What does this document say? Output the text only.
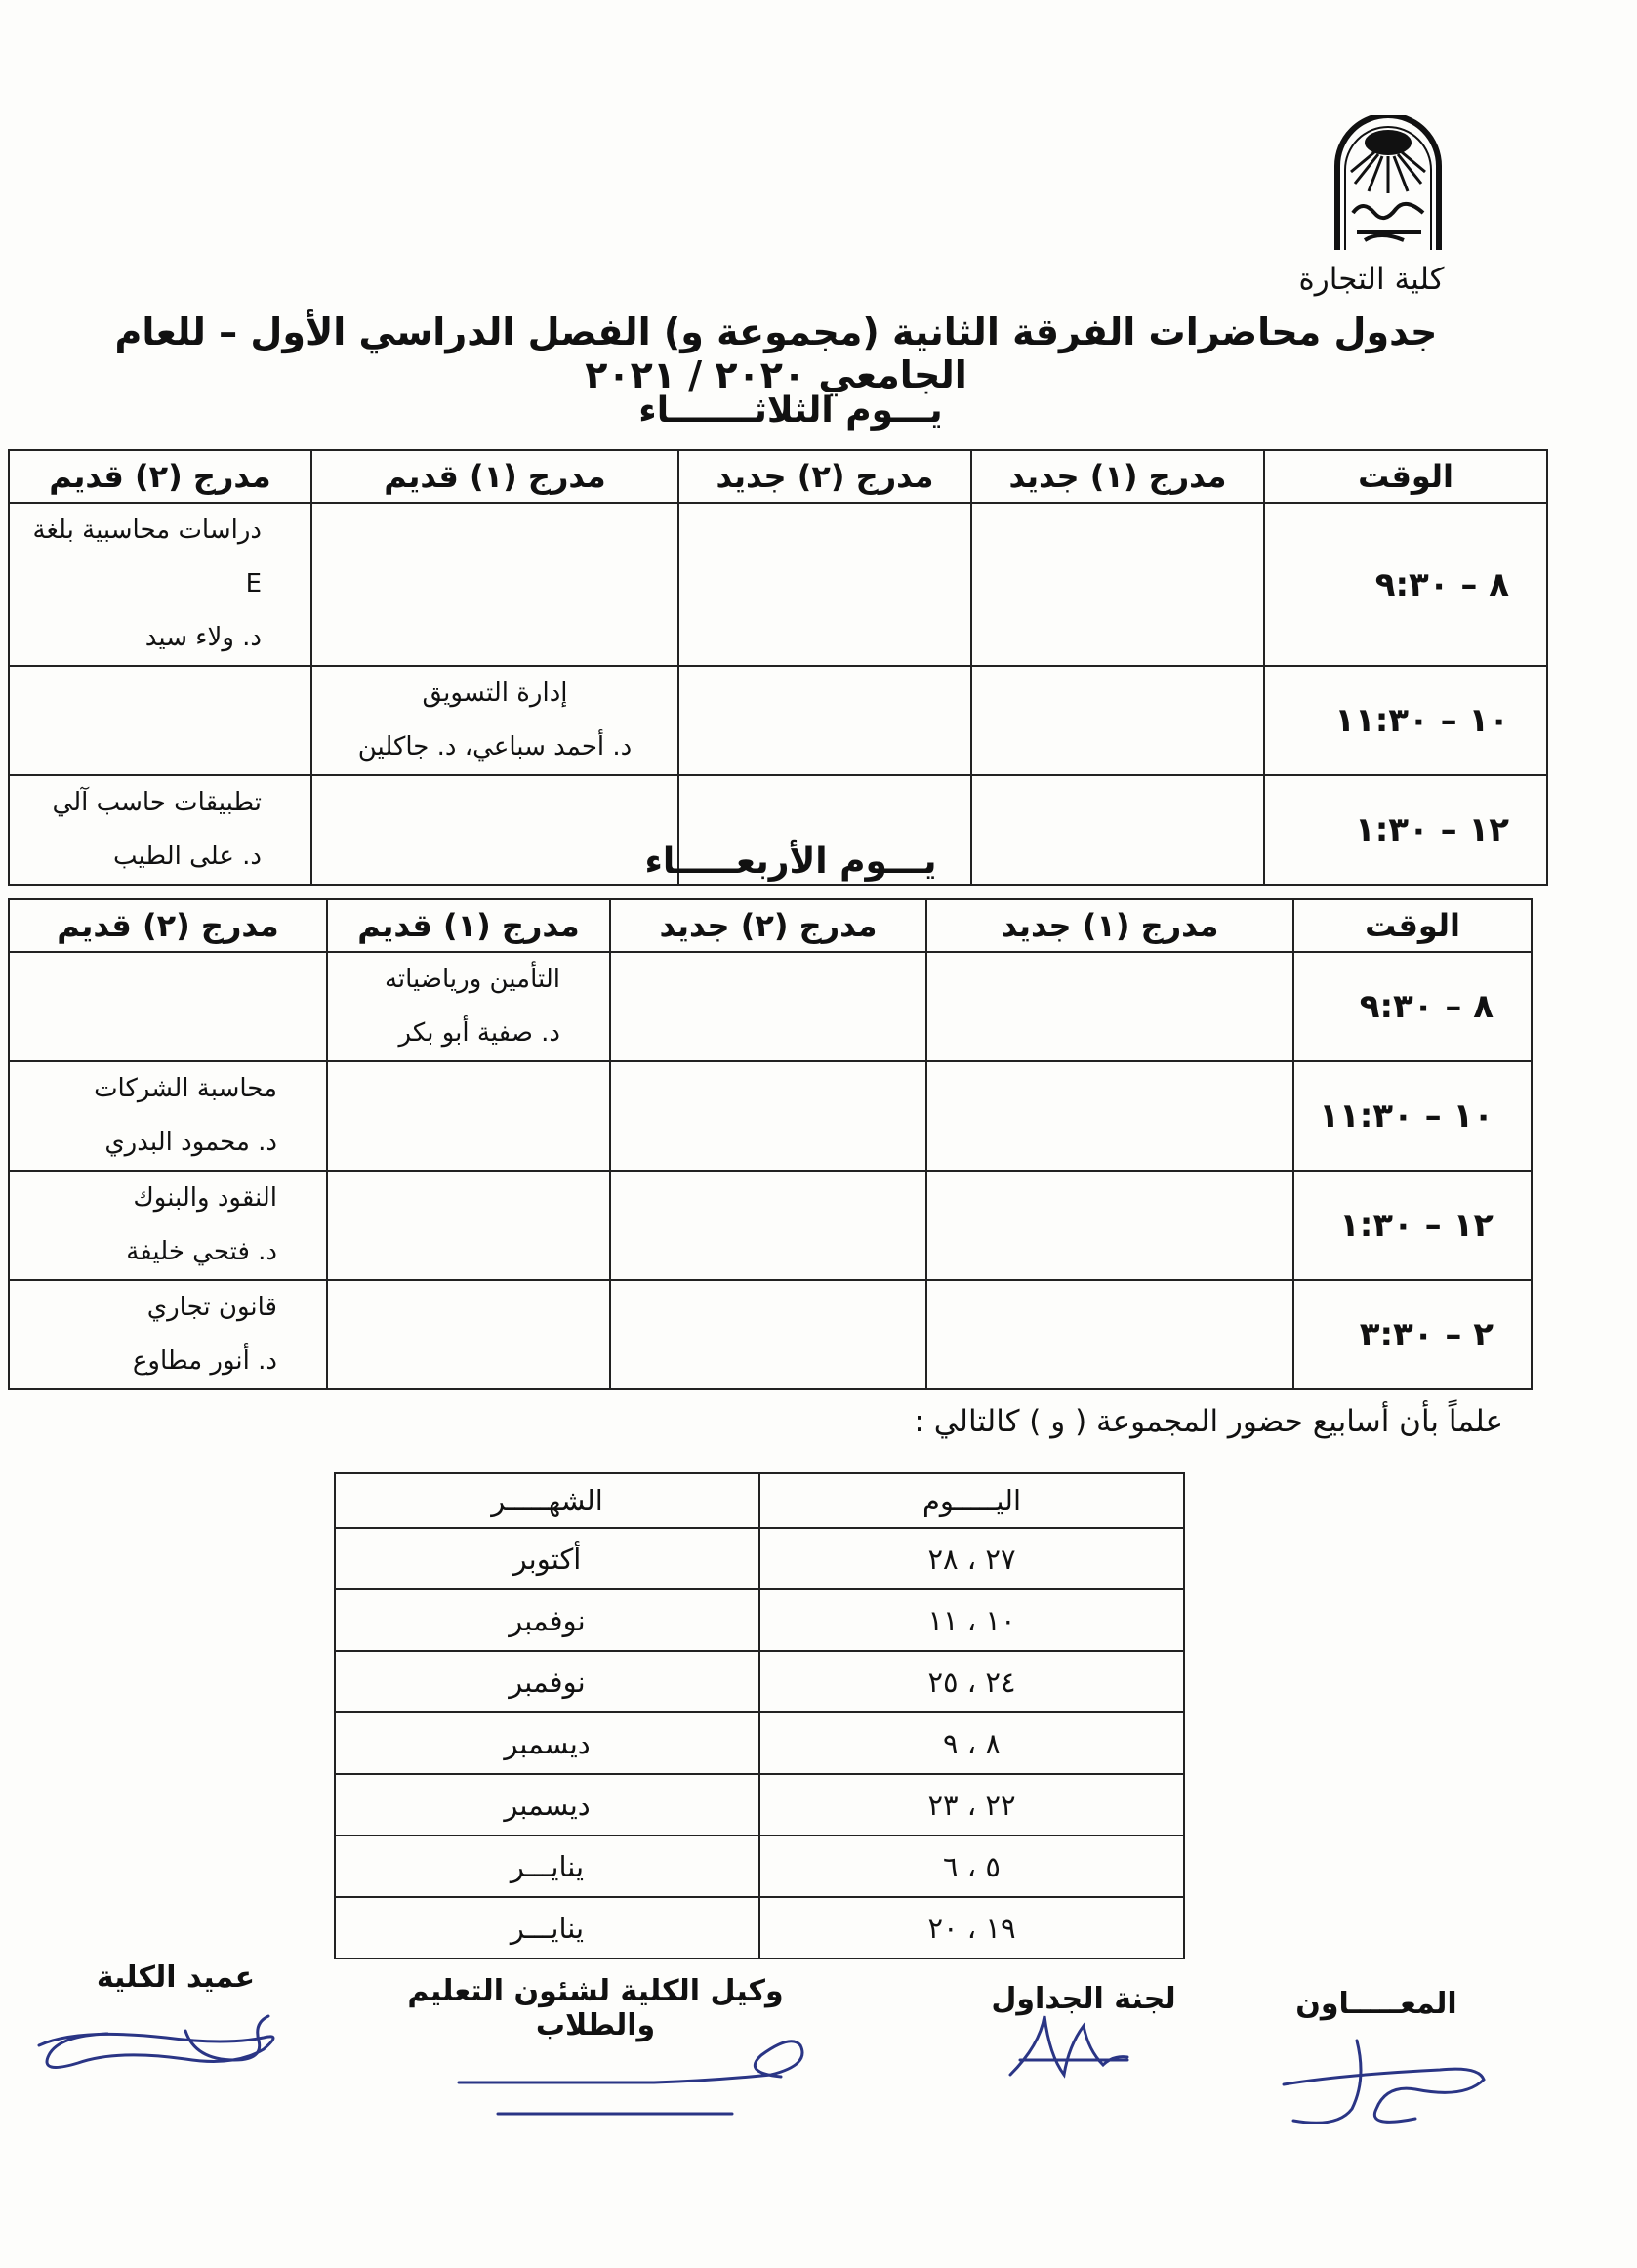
جامعة أسيوط
كلية التجارة
جدول محاضرات الفرقة الثانية (مجموعة و) الفصل الدراسي الأول – للعام الجامعي ٢٠٢٠ / ٢٠٢١
يـــوم الثلاثـــــــاء
الوقت	مدرج (١) جديد	مدرج (٢) جديد	مدرج (١) قديم	مدرج (٢) قديم
٨ – ٩:٣٠				دراسات محاسبية بلغة E
د. ولاء سيد

١٠ – ١١:٣٠			إدارة التسويق
د. أحمد سباعي، د. جاكلين	

١٢ – ١:٣٠				تطبيقات حاسب آلي
د. على الطيب	يـــوم الأربعـــــاء
الوقت	مدرج (١) جديد	مدرج (٢) جديد	مدرج (١) قديم	مدرج (٢) قديم
٨ – ٩:٣٠			التأمين ورياضياته
د. صفية أبو بكر	

١٠ – ١١:٣٠				محاسبة الشركات
د. محمود البدري

١٢ – ١:٣٠				النقود والبنوك
د. فتحي خليفة

٢ – ٣:٣٠				قانون تجاري
د. أنور مطاوع
علماً بأن أسابيع حضور المجموعة ( و ) كالتالي :
اليـــــوم	الشهـــــر
٢٧ ، ٢٨	أكتوبر
١٠ ، ١١	نوفمبر
٢٤ ، ٢٥	نوفمبر
٨ ، ٩	ديسمبر
٢٢ ، ٢٣	ديسمبر
٥ ، ٦	ينايـــر
١٩ ، ٢٠	ينايـــر
المعـــــاون
لجنة الجداول
وكيل الكلية لشئون التعليم والطلاب
عميد الكلية
